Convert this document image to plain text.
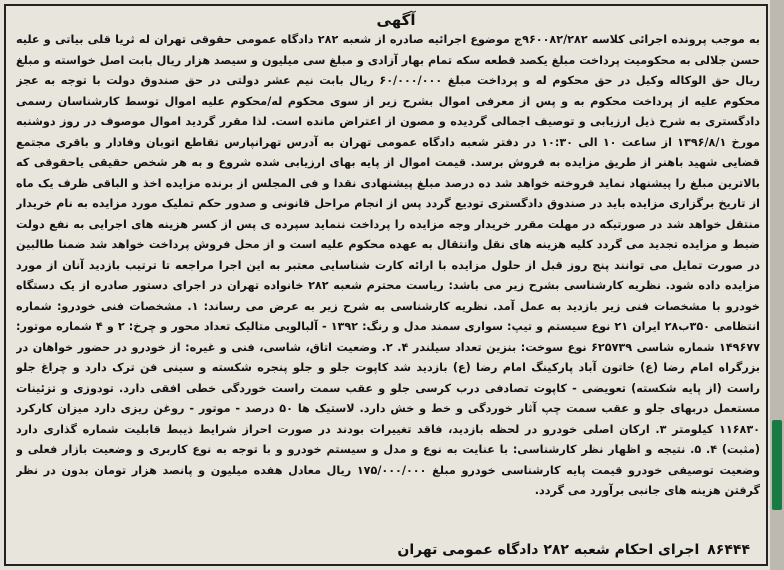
آگهی

به موجب پرونده اجرائی کلاسه ۹۶۰۰۸۲/۲۸۲ج موضوع اجرائیه صادره از شعبه ۲۸۲ دادگاه عمومی حقوقی تهران له ثریا قلی بیاتی و علیه حسن جلالی به محکومیت پرداخت مبلغ یکصد قطعه سکه تمام بهار آزادی و مبلغ سی میلیون و سیصد هزار ریال بابت اصل خواسته و مبلغ ریال حق الوکاله وکیل در حق محکوم له و پرداخت مبلغ ۶۰/۰۰۰/۰۰۰ ریال بابت نیم عشر دولتی در حق صندوق دولت با توجه به عجز محکوم علیه از پرداخت محکوم به و پس از معرفی اموال بشرح زیر از سوی محکوم له/محکوم علیه اموال توسط کارشناسان رسمی دادگستری به شرح ذیل ارزیابی و توصیف اجمالی گردیده و مصون از اعتراض مانده است. لذا مقرر گردید اموال موصوف در روز دوشنبه مورخ ۱۳۹۶/۸/۱ از ساعت ۱۰ الی ۱۰:۳۰ در دفتر شعبه دادگاه عمومی تهران به آدرس تهرانپارس تقاطع اتوبان وفادار و باقری مجتمع قضایی شهید باهنر از طریق مزایده به فروش برسد. قیمت اموال از پایه بهای ارزیابی شده شروع و به هر شخص حقیقی یاحقوقی که بالاترین مبلغ را پیشنهاد نماید فروخته خواهد شد ده درصد مبلغ پیشنهادی نقدا و فی المجلس از برنده مزایده اخذ و الباقی ظرف یک ماه از تاریخ برگزاری مزایده باید در صندوق دادگستری تودیع گردد پس از انجام مراحل قانونی و صدور حکم تملیک مورد مزایده به نام خریدار منتقل خواهد شد در صورتیکه در مهلت مقرر خریدار وجه مزایده را پرداخت ننماید سپرده ی پس از کسر هزینه های اجرایی به نفع دولت ضبط و مزایده تجدید می گردد کلیه هزینه های نقل وانتقال به عهده محکوم علیه است و از محل فروش پرداخت خواهد شد ضمنا طالبین در صورت تمایل می توانند پنج روز قبل از حلول مزایده با ارائه کارت شناسایی معتبر به این اجرا مراجعه تا ترتیب بازدید آنان از مورد مزایده داده شود. نظریه کارشناسی بشرح زیر می باشد: ریاست محترم شعبه ۲۸۲ خانواده تهران در اجرای دستور صادره از یک دستگاه خودرو با مشخصات فنی زیر بازدید به عمل آمد. نظریه کارشناسی به شرح زیر به عرض می رساند: ۱. مشخصات فنی خودرو: شماره انتظامی ۳۵۰ب۲۸ ایران ۲۱ نوع سیستم و تیپ: سواری سمند مدل و رنگ: ۱۳۹۲ - آلبالویی متالیک تعداد محور و چرخ: ۲ و ۴ شماره موتور: ۱۴۹۶۷۷ شماره شاسی ۶۲۵۷۳۹ نوع سوخت: بنزین تعداد سیلندر ۴. ۲. وضعیت اتاق، شاسی، فنی و غیره: از خودرو در حضور خواهان در بزرگراه امام رضا (ع) خاتون آباد پارکینگ امام رضا (ع) بازدید شد کاپوت جلو و جلو پنجره شکسته و سینی فن ترک دارد و چراغ جلو راست (از پایه شکسته) تعویضی - کاپوت تصادفی درب کرسی جلو و عقب سمت راست خوردگی خطی افقی دارد. تودوزی و تزئینات مستعمل دربهای جلو و عقب سمت چپ آثار خوردگی و خط و خش دارد. لاستیک ها ۵۰ درصد - موتور - روغن ریزی دارد میزان کارکرد ۱۱۶۸۳۰ کیلومتر ۳. ارکان اصلی خودرو در لحظه بازدید، فاقد تغییرات بودند در صورت احراز شرایط ذیبط قابلیت شماره گذاری دارد (مثبت) ۴. ۵. نتیجه و اظهار نظر کارشناسی: با عنایت به نوع و مدل و سیستم خودرو و با توجه به نوع کاربری و وضعیت بازار فعلی و وضعیت توصیفی خودرو قیمت پایه کارشناسی خودرو مبلغ ۱۷۵/۰۰۰/۰۰۰ ریال معادل هفده میلیون و پانصد هزار تومان بدون در نظر گرفتن هزینه های جانبی برآورد می گردد.

۸۶۴۴۴اجرای احکام شعبه ۲۸۲ دادگاه عمومی تهران
